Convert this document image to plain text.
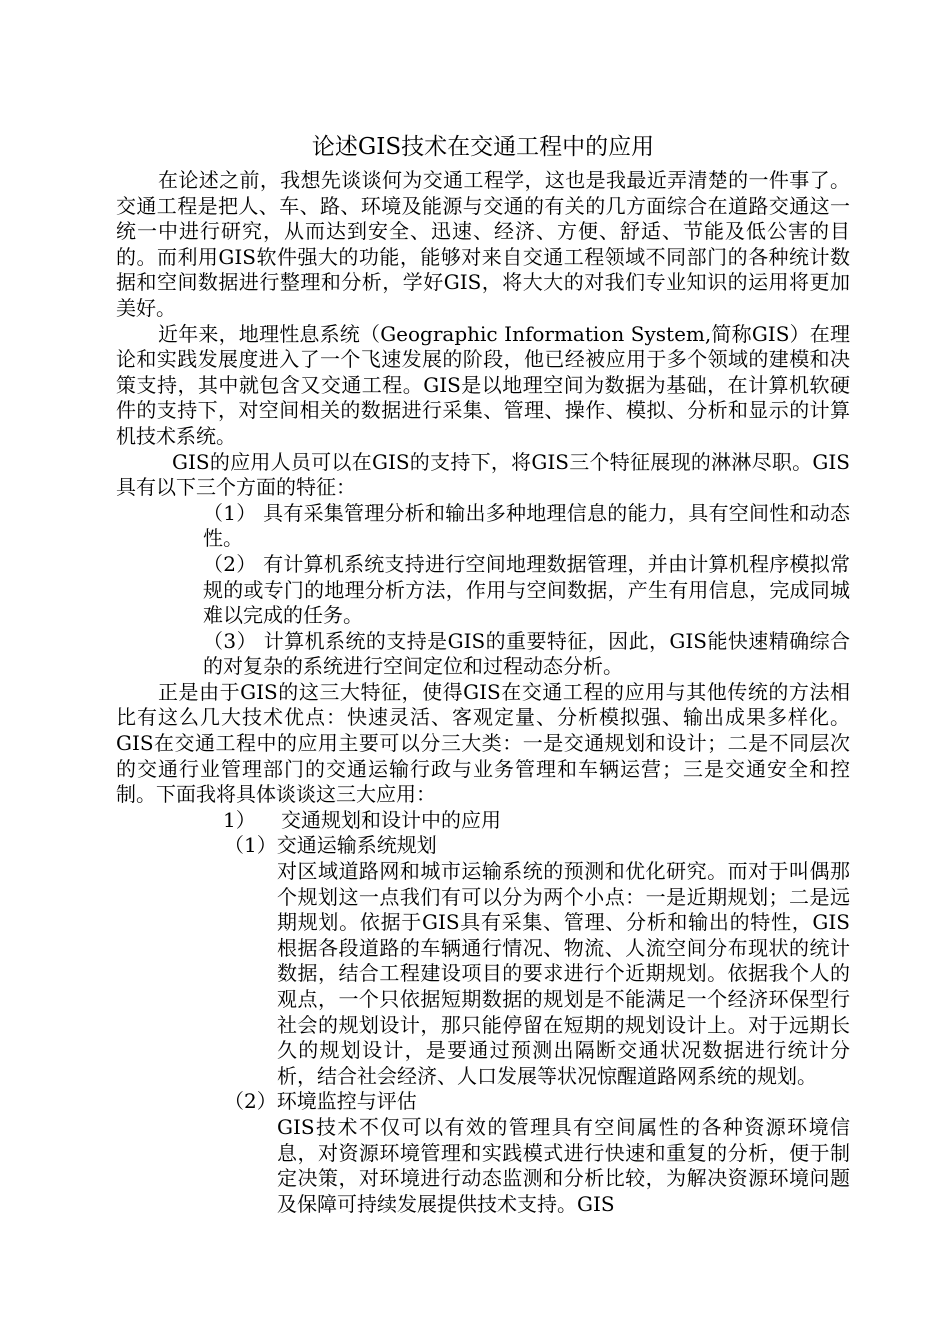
论述GIS技术在交通工程中的应用

在论述之前，我想先谈谈何为交通工程学，这也是我最近弄清楚的一件事了。交通工程是把人、车、路、环境及能源与交通的有关的几方面综合在道路交通这一统一中进行研究，从而达到安全、迅速、经济、方便、舒适、节能及低公害的目的。而利用GIS软件强大的功能，能够对来自交通工程领域不同部门的各种统计数据和空间数据进行整理和分析，学好GIS，将大大的对我们专业知识的运用将更加美好。

近年来，地理性息系统（Geographic Information System,简称GIS）在理论和实践发展度进入了一个飞速发展的阶段，他已经被应用于多个领域的建模和决策支持，其中就包含又交通工程。GIS是以地理空间为数据为基础，在计算机软硬件的支持下，对空间相关的数据进行采集、管理、操作、模拟、分析和显示的计算机技术系统。

GIS的应用人员可以在GIS的支持下，将GIS三个特征展现的淋淋尽职。GIS具有以下三个方面的特征：

（1） 具有采集管理分析和输出多种地理信息的能力，具有空间性和动态性。
（2） 有计算机系统支持进行空间地理数据管理，并由计算机程序模拟常规的或专门的地理分析方法，作用与空间数据，产生有用信息，完成同城难以完成的任务。
（3） 计算机系统的支持是GIS的重要特征，因此，GIS能快速精确综合的对复杂的系统进行空间定位和过程动态分析。

正是由于GIS的这三大特征，使得GIS在交通工程的应用与其他传统的方法相比有这么几大技术优点：快速灵活、客观定量、分析模拟强、输出成果多样化。GIS在交通工程中的应用主要可以分三大类：一是交通规划和设计；二是不同层次的交通行业管理部门的交通运输行政与业务管理和车辆运营；三是交通安全和控制。下面我将具体谈谈这三大应用：

1） 交通规划和设计中的应用
（1）交通运输系统规划
对区域道路网和城市运输系统的预测和优化研究。而对于叫偶那个规划这一点我们有可以分为两个小点：一是近期规划；二是远期规划。依据于GIS具有采集、管理、分析和输出的特性，GIS根据各段道路的车辆通行情况、物流、人流空间分布现状的统计数据，结合工程建设项目的要求进行个近期规划。依据我个人的观点，一个只依据短期数据的规划是不能满足一个经济环保型行社会的规划设计，那只能停留在短期的规划设计上。对于远期长久的规划设计，是要通过预测出隔断交通状况数据进行统计分析，结合社会经济、人口发展等状况惊醒道路网系统的规划。
（2）环境监控与评估
GIS技术不仅可以有效的管理具有空间属性的各种资源环境信息，对资源环境管理和实践模式进行快速和重复的分析，便于制定决策，对环境进行动态监测和分析比较，为解决资源环境问题及保障可持续发展提供技术支持。GIS
